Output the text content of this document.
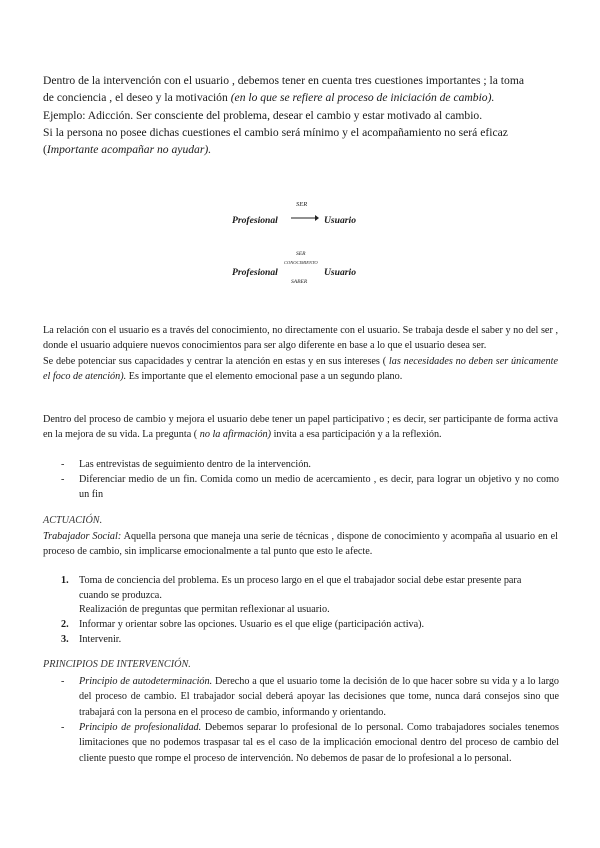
Dentro de la intervención con el usuario , debemos tener en cuenta tres cuestiones importantes ; la toma

de conciencia , el deseo y la motivación (en lo que se refiere al proceso de iniciación de cambio).

Ejemplo: Adicción. Ser consciente del problema, desear el cambio y estar motivado al cambio.

Si la persona no posee dichas cuestiones el cambio será mínimo y el acompañamiento no será eficaz

(Importante acompañar no ayudar).

Profesional
SER
Usuario
Profesional
SER
CONOCIMIENTO
SABER
Usuario

La relación con el usuario es a través del conocimiento, no directamente con el usuario. Se trabaja desde el saber y no del ser , donde el usuario adquiere nuevos conocimientos para ser algo diferente en base a lo que el usuario desea ser.

Se debe potenciar sus capacidades y centrar la atención en estas y en sus intereses ( las necesidades no deben ser únicamente el foco de atención). Es importante que el elemento emocional pase a un segundo plano.

Dentro del proceso de cambio y mejora el usuario debe tener un papel participativo ; es decir, ser participante de forma activa en la mejora de su vida. La pregunta ( no la afirmación) invita a esa participación y a la reflexión.

- Las entrevistas de seguimiento dentro de la intervención.
- Diferenciar medio de un fin. Comida como un medio de acercamiento , es decir, para lograr un objetivo y no como un fin
ACTUACIÓN.

Trabajador Social: Aquella persona que maneja una serie de técnicas , dispone de conocimiento y acompaña al usuario en el proceso de cambio, sin implicarse emocionalmente a tal punto que esto le afecte.

1. Toma de conciencia del problema. Es un proceso largo en el que el trabajador social debe estar presente para cuando se produzca.
Realización de preguntas que permitan reflexionar al usuario.
2. Informar y orientar sobre las opciones. Usuario es el que elige (participación activa).
3. Intervenir.
PRINCIPIOS DE INTERVENCIÓN.
- Principio de autodeterminación. Derecho a que el usuario tome la decisión de lo que hacer sobre su vida y a lo largo del proceso de cambio. El trabajador social deberá apoyar las decisiones que tome, nunca dará consejos sino que trabajará con la persona en el proceso de cambio, informando y orientando.
- Principio de profesionalidad. Debemos separar lo profesional de lo personal. Como trabajadores sociales tenemos limitaciones que no podemos traspasar tal es el caso de la implicación emocional dentro del proceso de cambio del cliente puesto que rompe el proceso de intervención. No debemos de pasar de lo profesional a lo personal.
